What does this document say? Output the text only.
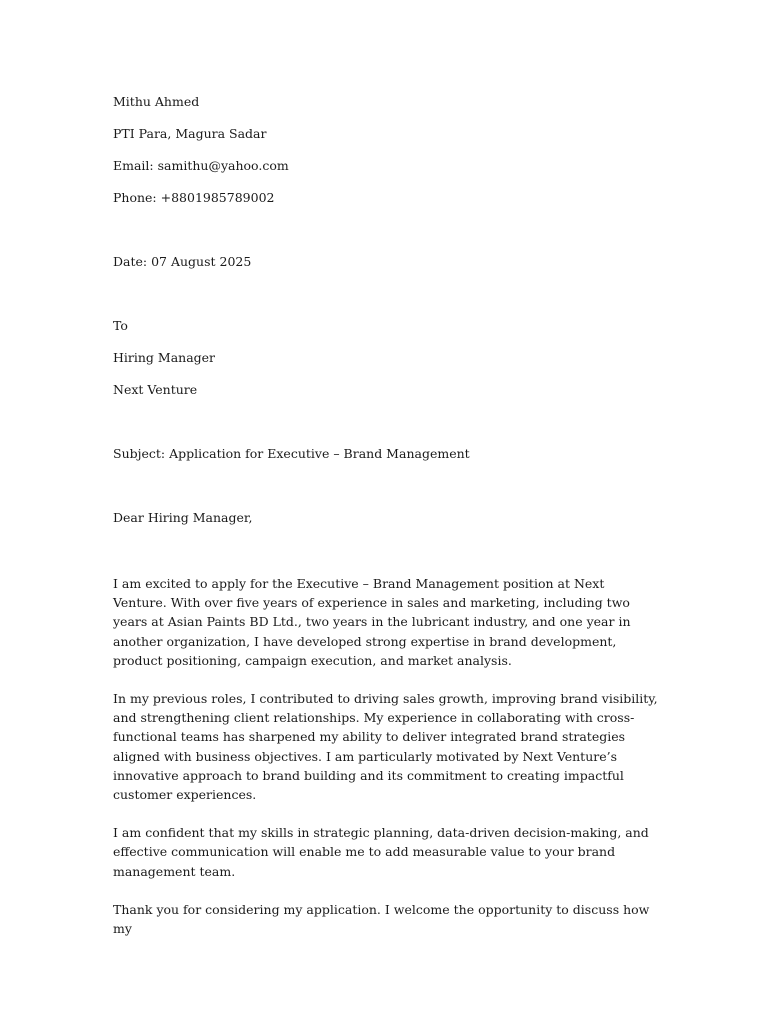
Mithu Ahmed
PTI Para, Magura Sadar
Email: samithu@yahoo.com
Phone: +8801985789002
Date: 07 August 2025
To
Hiring Manager
Next Venture
Subject: Application for Executive – Brand Management
Dear Hiring Manager,

I am excited to apply for the Executive – Brand Management position at Next Venture. With over five years of experience in sales and marketing, including two years at Asian Paints BD Ltd., two years in the lubricant industry, and one year in another organization, I have developed strong expertise in brand development, product positioning, campaign execution, and market analysis.

In my previous roles, I contributed to driving sales growth, improving brand visibility, and strengthening client relationships. My experience in collaborating with cross-functional teams has sharpened my ability to deliver integrated brand strategies aligned with business objectives. I am particularly motivated by Next Venture’s innovative approach to brand building and its commitment to creating impactful customer experiences.

I am confident that my skills in strategic planning, data-driven decision-making, and effective communication will enable me to add measurable value to your brand management team.

Thank you for considering my application. I welcome the opportunity to discuss how my
